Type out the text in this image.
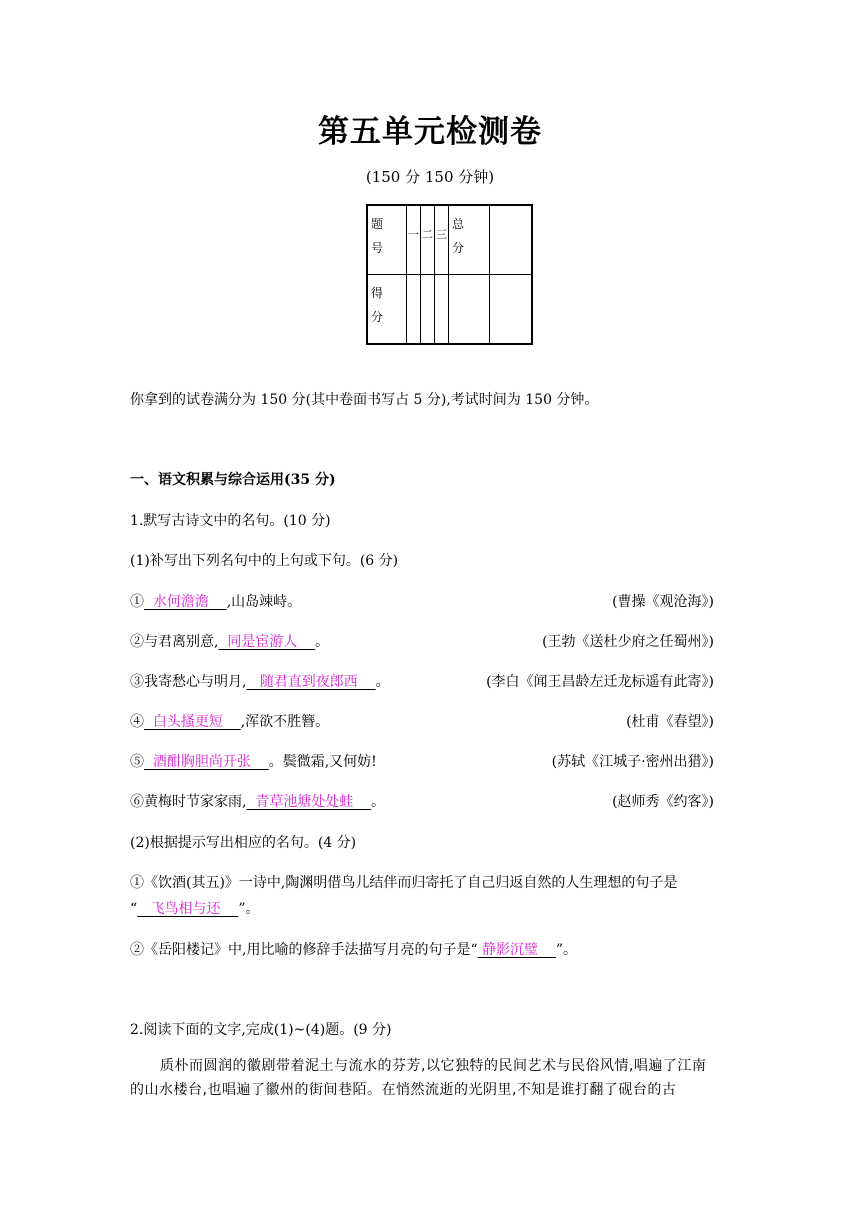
第五单元检测卷
(150 分 150 分钟)
题号	一	二	三	总分	

得分					

你拿到的试卷满分为 150 分(其中卷面书写占 5 分),考试时间为 150 分钟。
一、语文积累与综合运用(35 分)
1.默写古诗文中的名句。(10 分)
(1)补写出下列名句中的上句或下句。(6 分)
① 水何澹澹 ,山岛竦峙。	(曹操《观沧海》)
②与君离别意, 同是宦游人 。	(王勃《送杜少府之任蜀州》)
③我寄愁心与明月, 随君直到夜郎西 。	(李白《闻王昌龄左迁龙标遥有此寄》)
④ 白头搔更短 ,浑欲不胜簪。	(杜甫《春望》)
⑤ 酒酣胸胆尚开张 。鬓微霜,又何妨!	(苏轼《江城子·密州出猎》)
⑥黄梅时节家家雨, 青草池塘处处蛙 。	(赵师秀《约客》)
(2)根据提示写出相应的名句。(4 分)
①《饮酒(其五)》一诗中,陶渊明借鸟儿结伴而归寄托了自己归返自然的人生理想的句子是
“ 飞鸟相与还 ”。
②《岳阳楼记》中,用比喻的修辞手法描写月亮的句子是“ 静影沉璧 ”。
2.阅读下面的文字,完成(1)~(4)题。(9 分)
质朴而圆润的徽剧带着泥土与流水的芬芳,以它独特的民间艺术与民俗风情,唱遍了江南
的山水楼台,也唱遍了徽州的街间巷陌。在悄然流逝的光阴里,不知是谁打翻了砚台的古
